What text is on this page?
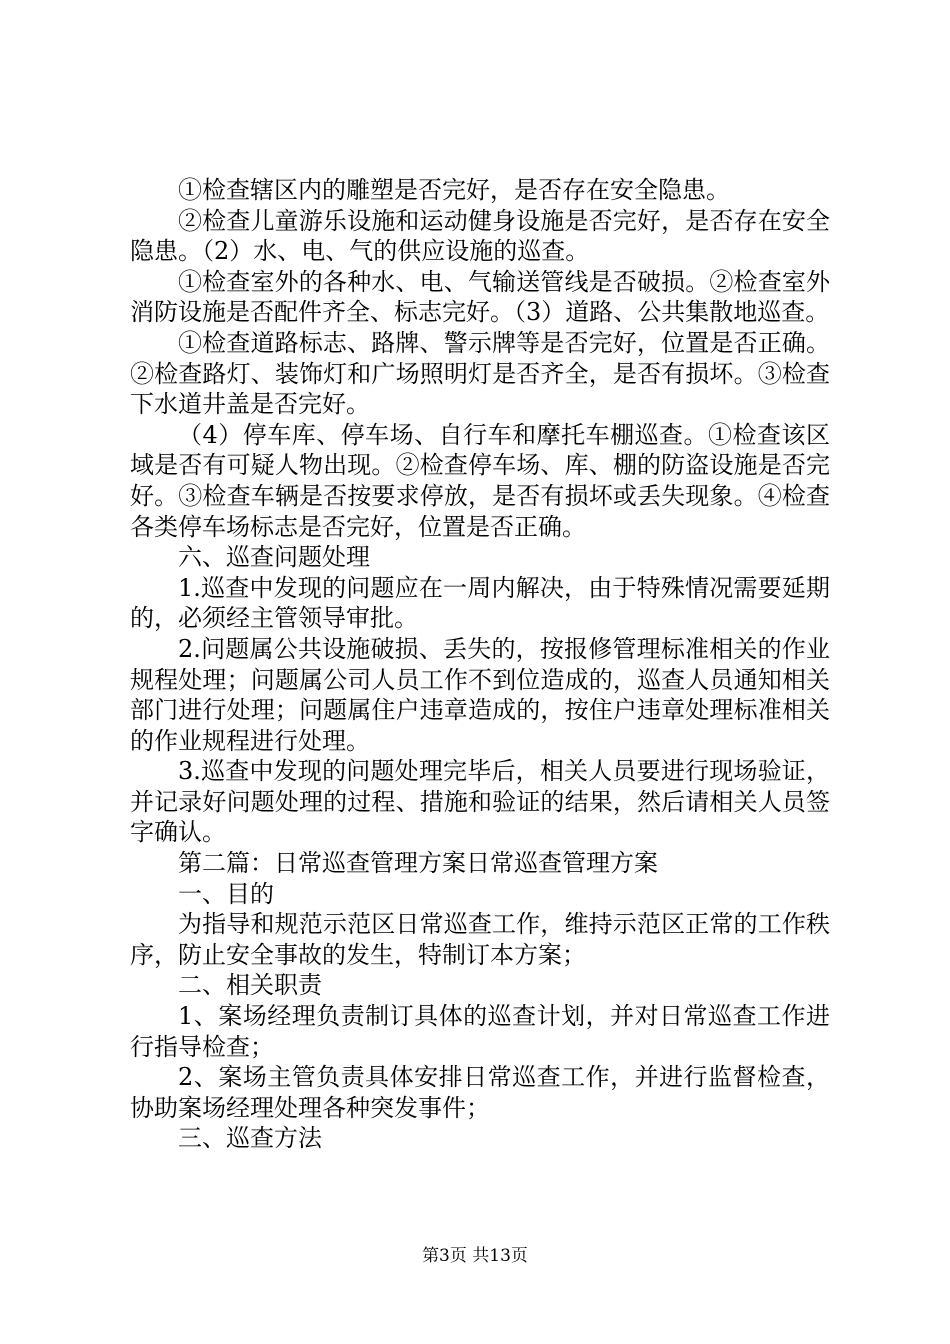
①检查辖区内的雕塑是否完好，是否存在安全隐患。

②检查儿童游乐设施和运动健身设施是否完好，是否存在安全隐患。（2）水、电、气的供应设施的巡查。

①检查室外的各种水、电、气输送管线是否破损。②检查室外消防设施是否配件齐全、标志完好。（3）道路、公共集散地巡查。

①检查道路标志、路牌、警示牌等是否完好，位置是否正确。②检查路灯、装饰灯和广场照明灯是否齐全，是否有损坏。③检查下水道井盖是否完好。

（4）停车库、停车场、自行车和摩托车棚巡查。①检查该区域是否有可疑人物出现。②检查停车场、库、棚的防盗设施是否完好。③检查车辆是否按要求停放，是否有损坏或丢失现象。④检查各类停车场标志是否完好，位置是否正确。

六、巡查问题处理

1.巡查中发现的问题应在一周内解决，由于特殊情况需要延期的，必须经主管领导审批。

2.问题属公共设施破损、丢失的，按报修管理标准相关的作业规程处理；问题属公司人员工作不到位造成的，巡查人员通知相关部门进行处理；问题属住户违章造成的，按住户违章处理标准相关的作业规程进行处理。

3.巡查中发现的问题处理完毕后，相关人员要进行现场验证，并记录好问题处理的过程、措施和验证的结果，然后请相关人员签字确认。

第二篇：日常巡查管理方案日常巡查管理方案

一、目的

为指导和规范示范区日常巡查工作，维持示范区正常的工作秩序，防止安全事故的发生，特制订本方案；

二、相关职责

1、案场经理负责制订具体的巡查计划，并对日常巡查工作进行指导检查；

2、案场主管负责具体安排日常巡查工作，并进行监督检查，协助案场经理处理各种突发事件；

三、巡查方法

第3页 共13页
